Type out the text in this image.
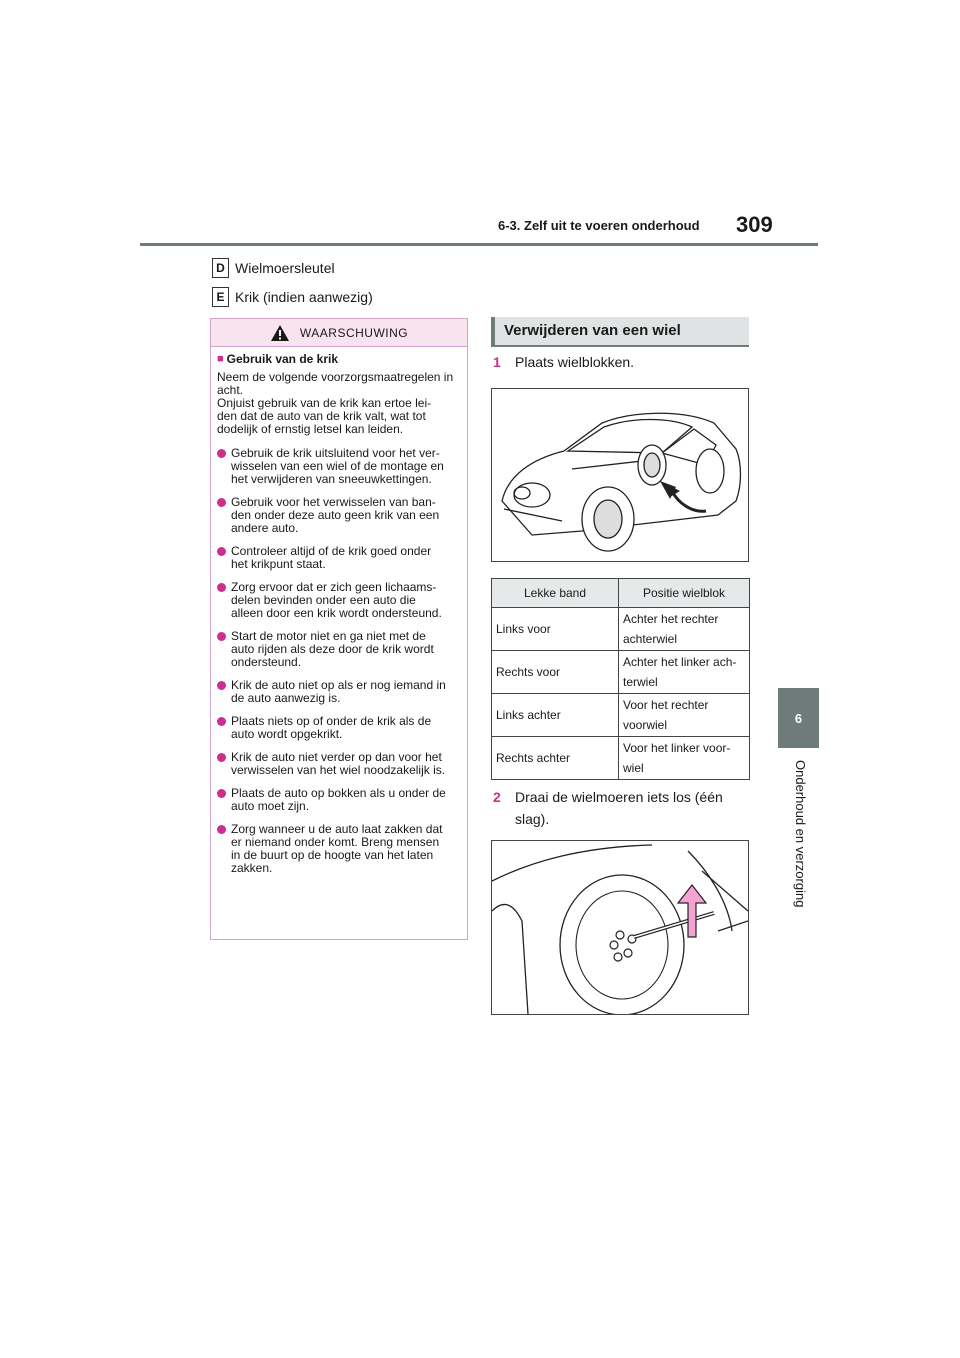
6-3. Zelf uit te voeren onderhoud 309
6
Onderhoud en verzorging
D Wielmoersleutel
E Krik (indien aanwezig)
WAARSCHUWING
■ Gebruik van de krik
Neem de volgende voorzorgsmaatregelen in acht.
Onjuist gebruik van de krik kan ertoe lei-
den dat de auto van de krik valt, wat tot
dodelijk of ernstig letsel kan leiden.
Gebruik de krik uitsluitend voor het ver-
wisselen van een wiel of de montage en
het verwijderen van sneeuwkettingen.
Gebruik voor het verwisselen van ban-
den onder deze auto geen krik van een
andere auto.
Controleer altijd of de krik goed onder
het krikpunt staat.
Zorg ervoor dat er zich geen lichaams-
delen bevinden onder een auto die
alleen door een krik wordt ondersteund.
Start de motor niet en ga niet met de
auto rijden als deze door de krik wordt
ondersteund.
Krik de auto niet op als er nog iemand in
de auto aanwezig is.
Plaats niets op of onder de krik als de
auto wordt opgekrikt.
Krik de auto niet verder op dan voor het
verwisselen van het wiel noodzakelijk is.
Plaats de auto op bokken als u onder de
auto moet zijn.
Zorg wanneer u de auto laat zakken dat
er niemand onder komt. Breng mensen
in de buurt op de hoogte van het laten
zakken.
Verwijderen van een wiel
1	Plaats wielblokken.
Lekke band	Positie wielblok
Links voor	Achter het rechter
achterwiel
Rechts voor	Achter het linker ach-
terwiel
Links achter	Voor het rechter
voorwiel
Rechts achter	Voor het linker voor-
wiel
2	Draai de wielmoeren iets los (één
slag).
